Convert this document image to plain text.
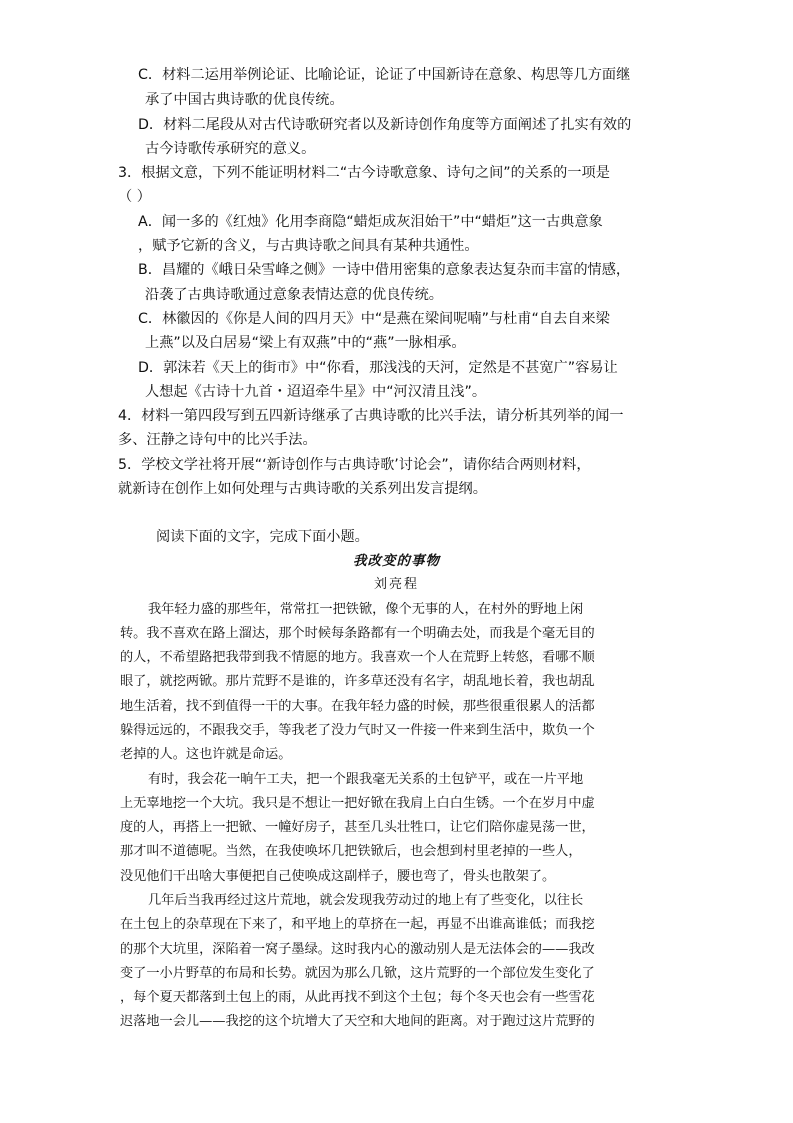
C．材料二运用举例论证、比喻论证，论证了中国新诗在意象、构思等几方面继
承了中国古典诗歌的优良传统。
D．材料二尾段从对古代诗歌研究者以及新诗创作角度等方面阐述了扎实有效的
古今诗歌传承研究的意义。
3．根据文意，下列不能证明材料二“古今诗歌意象、诗句之间”的关系的一项是
（ ）
A．闻一多的《红烛》化用李商隐“蜡炬成灰泪始干”中“蜡炬”这一古典意象
，赋予它新的含义，与古典诗歌之间具有某种共通性。
B．昌耀的《峨日朵雪峰之侧》一诗中借用密集的意象表达复杂而丰富的情感，
沿袭了古典诗歌通过意象表情达意的优良传统。
C．林徽因的《你是人间的四月天》中“是燕在梁间呢喃”与杜甫“自去自来梁
上燕”以及白居易“梁上有双燕”中的“燕”一脉相承。
D．郭沫若《天上的街市》中“你看，那浅浅的天河，定然是不甚宽广”容易让
人想起《古诗十九首・迢迢牵牛星》中“河汉清且浅”。
4．材料一第四段写到五四新诗继承了古典诗歌的比兴手法，请分析其列举的闻一
多、汪静之诗句中的比兴手法。
5．学校文学社将开展“‘新诗创作与古典诗歌’讨论会”，请你结合两则材料，
就新诗在创作上如何处理与古典诗歌的关系列出发言提纲。
阅读下面的文字，完成下面小题。
我改变的事物
刘亮程
我年轻力盛的那些年，常常扛一把铁锨，像个无事的人，在村外的野地上闲
转。我不喜欢在路上溜达，那个时候每条路都有一个明确去处，而我是个毫无目的
的人，不希望路把我带到我不情愿的地方。我喜欢一个人在荒野上转悠，看哪不顺
眼了，就挖两锨。那片荒野不是谁的，许多草还没有名字，胡乱地长着，我也胡乱
地生活着，找不到值得一干的大事。在我年轻力盛的时候，那些很重很累人的活都
躲得远远的，不跟我交手，等我老了没力气时又一件接一件来到生活中，欺负一个
老掉的人。这也许就是命运。
有时，我会花一晌午工夫，把一个跟我毫无关系的土包铲平，或在一片平地
上无辜地挖一个大坑。我只是不想让一把好锨在我肩上白白生锈。一个在岁月中虚
度的人，再搭上一把锨、一幢好房子，甚至几头壮牲口，让它们陪你虚晃荡一世，
那才叫不道德呢。当然，在我使唤坏几把铁锨后，也会想到村里老掉的一些人，
没见他们干出啥大事便把自己使唤成这副样子，腰也弯了，骨头也散架了。
几年后当我再经过这片荒地，就会发现我劳动过的地上有了些变化，以往长
在土包上的杂草现在下来了，和平地上的草挤在一起，再显不出谁高谁低；而我挖
的那个大坑里，深陷着一窝子墨绿。这时我内心的激动别人是无法体会的——我改
变了一小片野草的布局和长势。就因为那么几锨，这片荒野的一个部位发生变化了
，每个夏天都落到土包上的雨，从此再找不到这个土包；每个冬天也会有一些雪花
迟落地一会儿——我挖的这个坑增大了天空和大地间的距离。对于跑过这片荒野的
